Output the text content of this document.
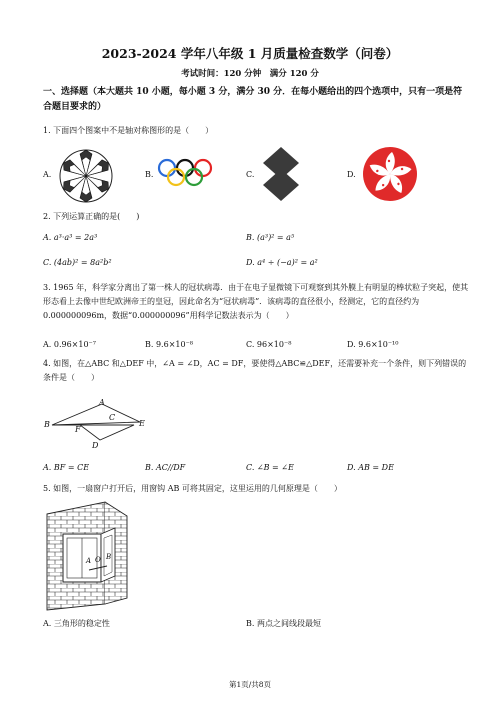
2023-2024 学年八年级 1 月质量检查数学（问卷）
考试时间：120 分钟　满分 120 分
一、选择题（本大题共 10 小题，每小题 3 分，满分 30 分．在每小题给出的四个选项中，只有一项是符合题目要求的）
1. 下面四个图案中不是轴对称图形的是（　　）
A.	B.	C.	D.
2. 下列运算正确的是(　　)
A. a³·a³ = 2a³	B. (a³)² = a⁵
C. (4ab)² = 8a²b²	D. a⁴ ÷ (−a)² = a²
3. 1965 年，科学家分离出了第一株人的冠状病毒．由于在电子显微镜下可观察到其外膜上有明显的棒状粒子突起，使其形态看上去像中世纪欧洲帝王的皇冠，因此命名为“冠状病毒”．该病毒的直径很小，经测定，它的直径约为 0.000000096m，数据“0.000000096”用科学记数法表示为（　　）
A. 0.96×10⁻⁷	B. 9.6×10⁻⁸	C. 96×10⁻⁸	D. 9.6×10⁻¹⁰
4. 如图，在△ABC 和△DEF 中，∠A = ∠D，AC = DF，要使得△ABC≌△DEF，还需要补充一个条件，则下列错误的条件是（　　）
A
B
C
E
F
D
A. BF = CE	B. AC//DF	C. ∠B = ∠E	D. AB = DE
5. 如图，一扇窗户打开后，用窗钩 AB 可将其固定，这里运用的几何原理是（　　）
A O B
A. 三角形的稳定性	B. 两点之间线段最短
第1页/共8页
